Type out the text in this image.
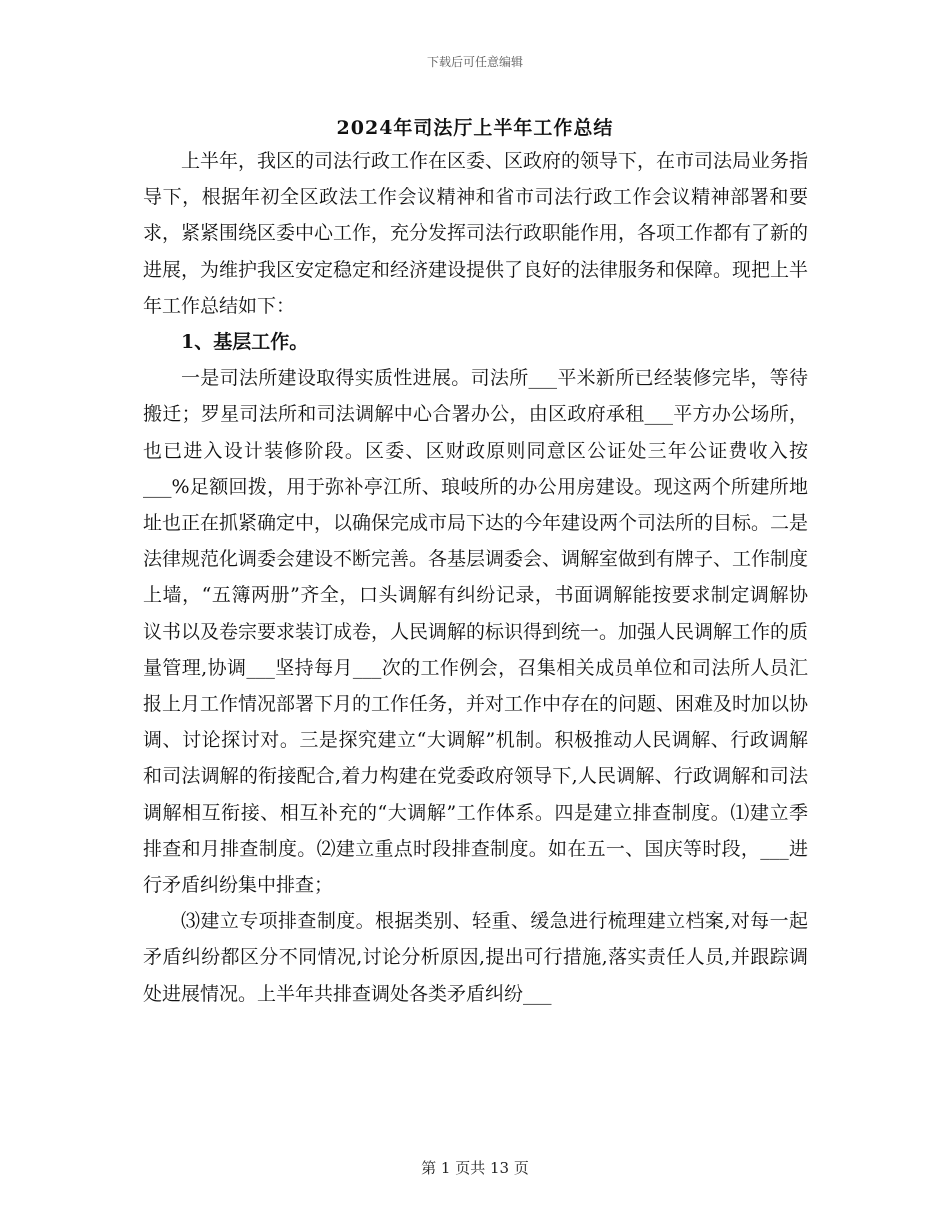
下载后可任意编辑
2024年司法厅上半年工作总结

上半年，我区的司法行政工作在区委、区政府的领导下，在市司法局业务指导下，根据年初全区政法工作会议精神和省市司法行政工作会议精神部署和要求，紧紧围绕区委中心工作，充分发挥司法行政职能作用，各项工作都有了新的进展，为维护我区安定稳定和经济建设提供了良好的法律服务和保障。现把上半年工作总结如下：

1、基层工作。

一是司法所建设取得实质性进展。司法所___平米新所已经装修完毕，等待搬迁；罗星司法所和司法调解中心合署办公，由区政府承租___平方办公场所，也已进入设计装修阶段。区委、区财政原则同意区公证处三年公证费收入按___%足额回拨，用于弥补亭江所、琅岐所的办公用房建设。现这两个所建所地址也正在抓紧确定中，以确保完成市局下达的今年建设两个司法所的目标。二是法律规范化调委会建设不断完善。各基层调委会、调解室做到有牌子、工作制度上墙，“五簿两册”齐全，口头调解有纠纷记录，书面调解能按要求制定调解协议书以及卷宗要求装订成卷，人民调解的标识得到统一。加强人民调解工作的质量管理,协调___坚持每月___次的工作例会，召集相关成员单位和司法所人员汇报上月工作情况部署下月的工作任务，并对工作中存在的问题、困难及时加以协调、讨论探讨对。三是探究建立“大调解”机制。积极推动人民调解、行政调解和司法调解的衔接配合,着力构建在党委政府领导下,人民调解、行政调解和司法调解相互衔接、相互补充的“大调解”工作体系。四是建立排查制度。⑴建立季排查和月排查制度。⑵建立重点时段排查制度。如在五一、国庆等时段，___进行矛盾纠纷集中排查；

⑶建立专项排查制度。根据类别、轻重、缓急进行梳理建立档案,对每一起矛盾纠纷都区分不同情况,讨论分析原因,提出可行措施,落实责任人员,并跟踪调处进展情况。上半年共排查调处各类矛盾纠纷___

第 1 页共 13 页
